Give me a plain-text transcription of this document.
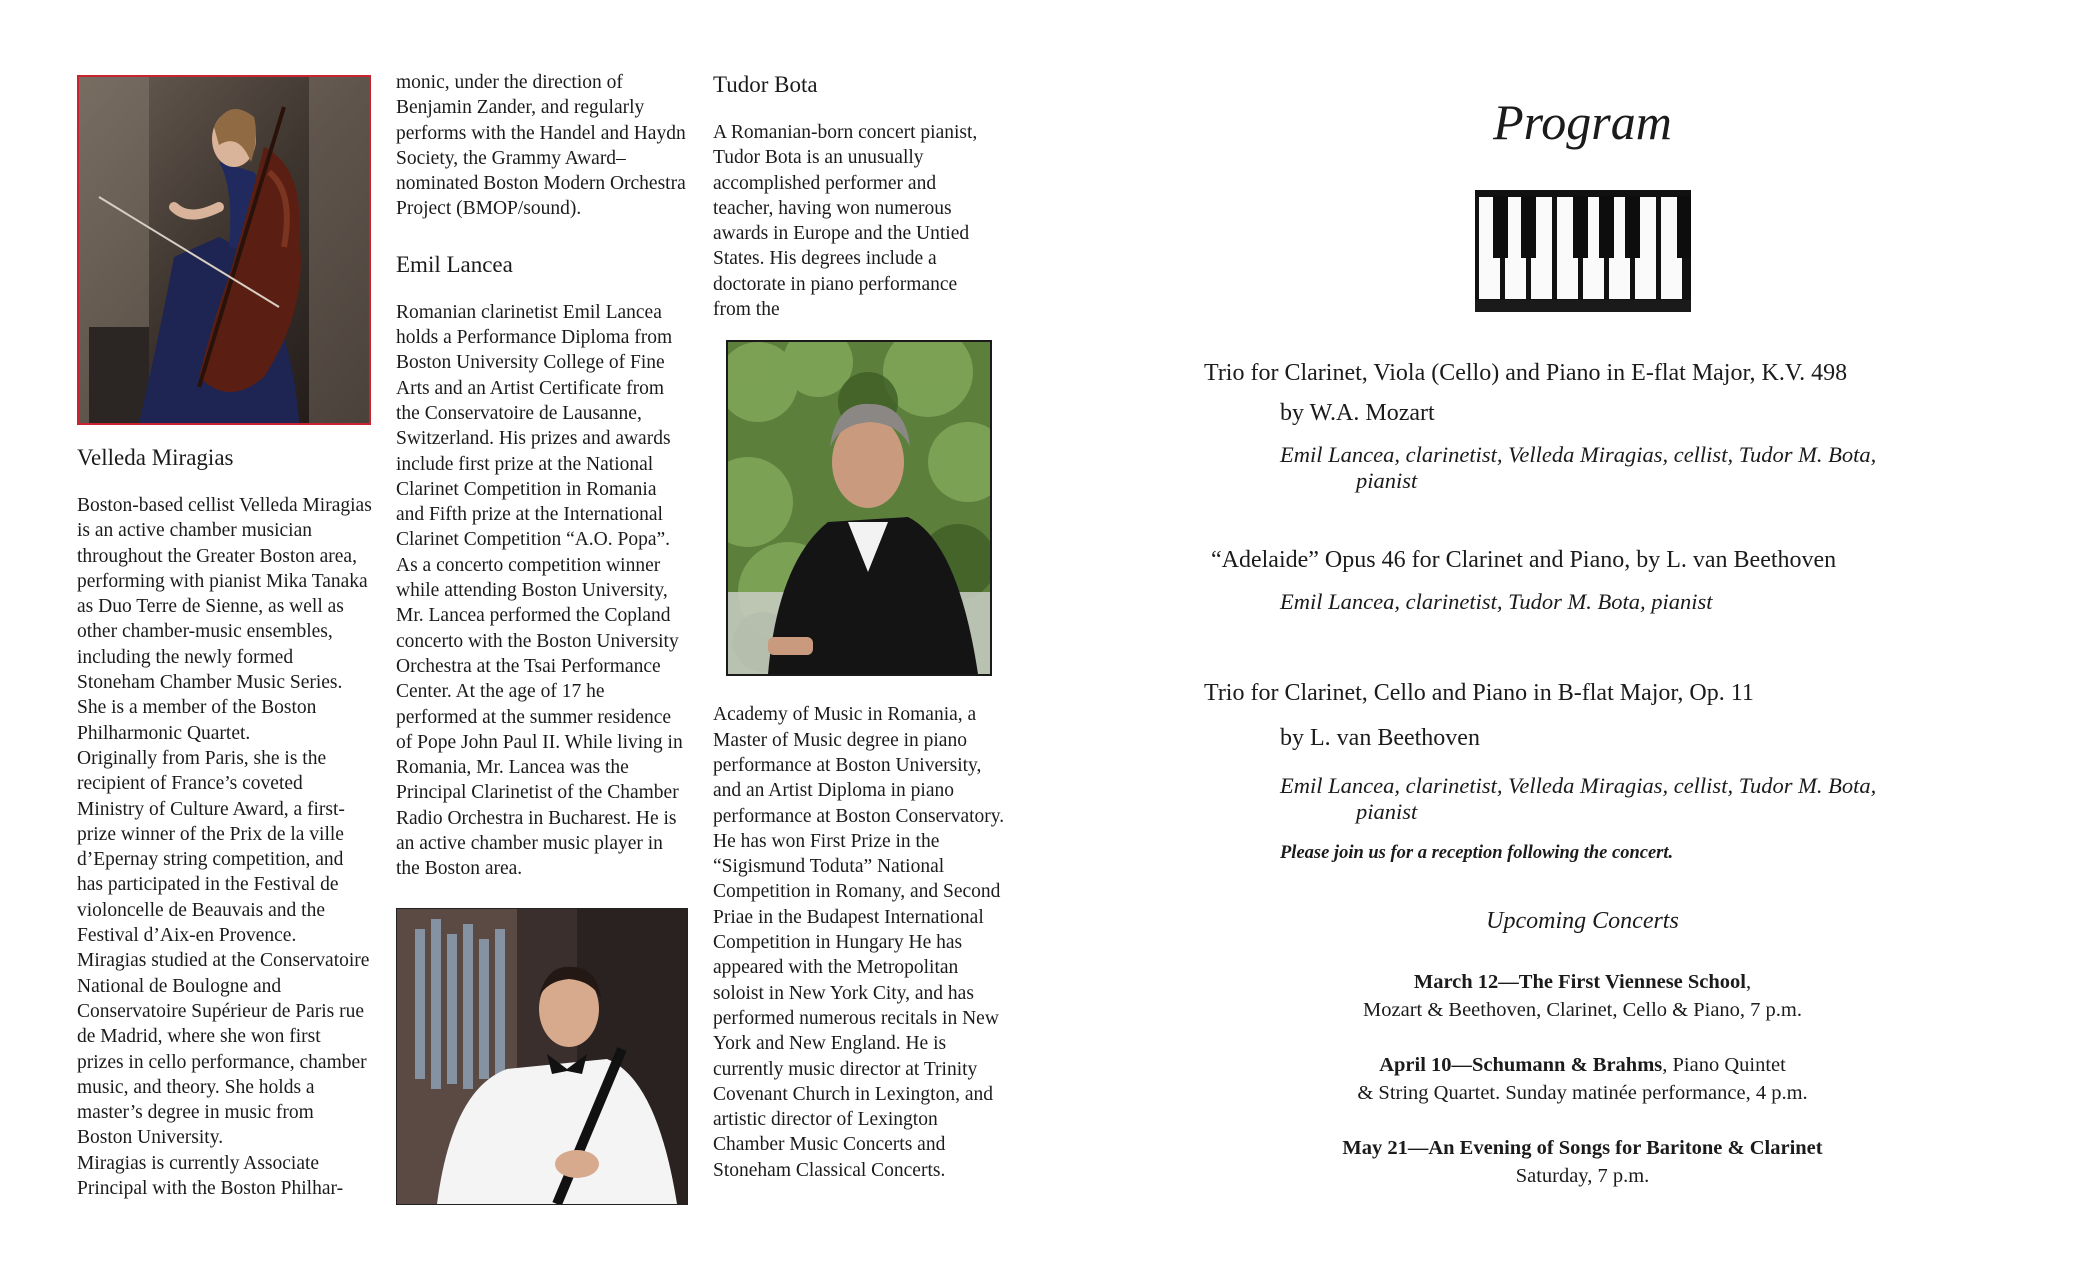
Velleda Miragias

Boston-based cellist Velleda Miragias is an active chamber musician throughout the Greater Boston area, performing with pianist Mika Tanaka as Duo Terre de Sienne, as well as other chamber-music ensembles, including the newly formed Stoneham Chamber Music Series. She is a member of the Boston Philharmonic Quartet.

Originally from Paris, she is the recipient of France’s coveted Ministry of Culture Award, a first-prize winner of the Prix de la ville d’Epernay string competition, and has participated in the Festival de violoncelle de Beauvais and the Festival d’Aix-en Provence.

Miragias studied at the Conservatoire National de Boulogne and Conservatoire Supérieur de Paris rue de Madrid, where she won first prizes in cello performance, chamber music, and theory. She holds a master’s degree in music from Boston University.

Miragias is currently Associate Principal with the Boston Philhar-

monic, under the direction of Benjamin Zander, and regularly performs with the Handel and Haydn Society, the Grammy Award–nominated Boston Modern Orchestra Project (BMOP/sound).

Emil Lancea

Romanian clarinetist Emil Lancea holds a Performance Diploma from Boston University College of Fine Arts and an Artist Certificate from the Conservatoire de Lausanne, Switzerland. His prizes and awards include first prize at the National Clarinet Competition in Romania and Fifth prize at the International Clarinet Competition “A.O. Popa”. As a concerto competition winner while attending Boston University, Mr. Lancea performed the Copland concerto with the Boston University Orchestra at the Tsai Performance Center. At the age of 17 he performed at the summer residence of Pope John Paul II. While living in Romania, Mr. Lancea was the Principal Clarinetist of the Chamber Radio Orchestra in Bucharest. He is an active chamber music player in the Boston area.

Tudor Bota

A Romanian-born concert pianist, Tudor Bota is an unusually accomplished performer and teacher, having won numerous awards in Europe and the Untied States. His degrees include a doctorate in piano performance from the

Academy of Music in Romania, a Master of Music degree in piano performance at Boston University, and an Artist Diploma in piano performance at Boston Conservatory. He has won First Prize in the “Sigismund Toduta” National Competition in Romany, and Second Priae in the Budapest International Competition in Hungary He has appeared with the Metropolitan soloist in New York City, and has performed numerous recitals in New York and New England. He is currently music director at Trinity Covenant Church in Lexington, and artistic director of Lexington Chamber Music Concerts and Stoneham Classical Concerts.

Program
Trio for Clarinet, Viola (Cello) and Piano in E-flat Major, K.V. 498
by W.A. Mozart
Emil Lancea, clarinetist, Velleda Miragias, cellist, Tudor M. Bota,
pianist
“Adelaide” Opus 46 for Clarinet and Piano, by L. van Beethoven
Emil Lancea, clarinetist, Tudor M. Bota, pianist
Trio for Clarinet, Cello and Piano in B-flat Major, Op. 11
by L. van Beethoven
Emil Lancea, clarinetist, Velleda Miragias, cellist, Tudor M. Bota,
pianist
Please join us for a reception following the concert.
Upcoming Concerts
March 12—The First Viennese School,
Mozart & Beethoven, Clarinet, Cello & Piano, 7 p.m.
April 10—Schumann & Brahms, Piano Quintet
& String Quartet. Sunday matinée performance, 4 p.m.
May 21—An Evening of Songs for Baritone & Clarinet
Saturday, 7 p.m.
